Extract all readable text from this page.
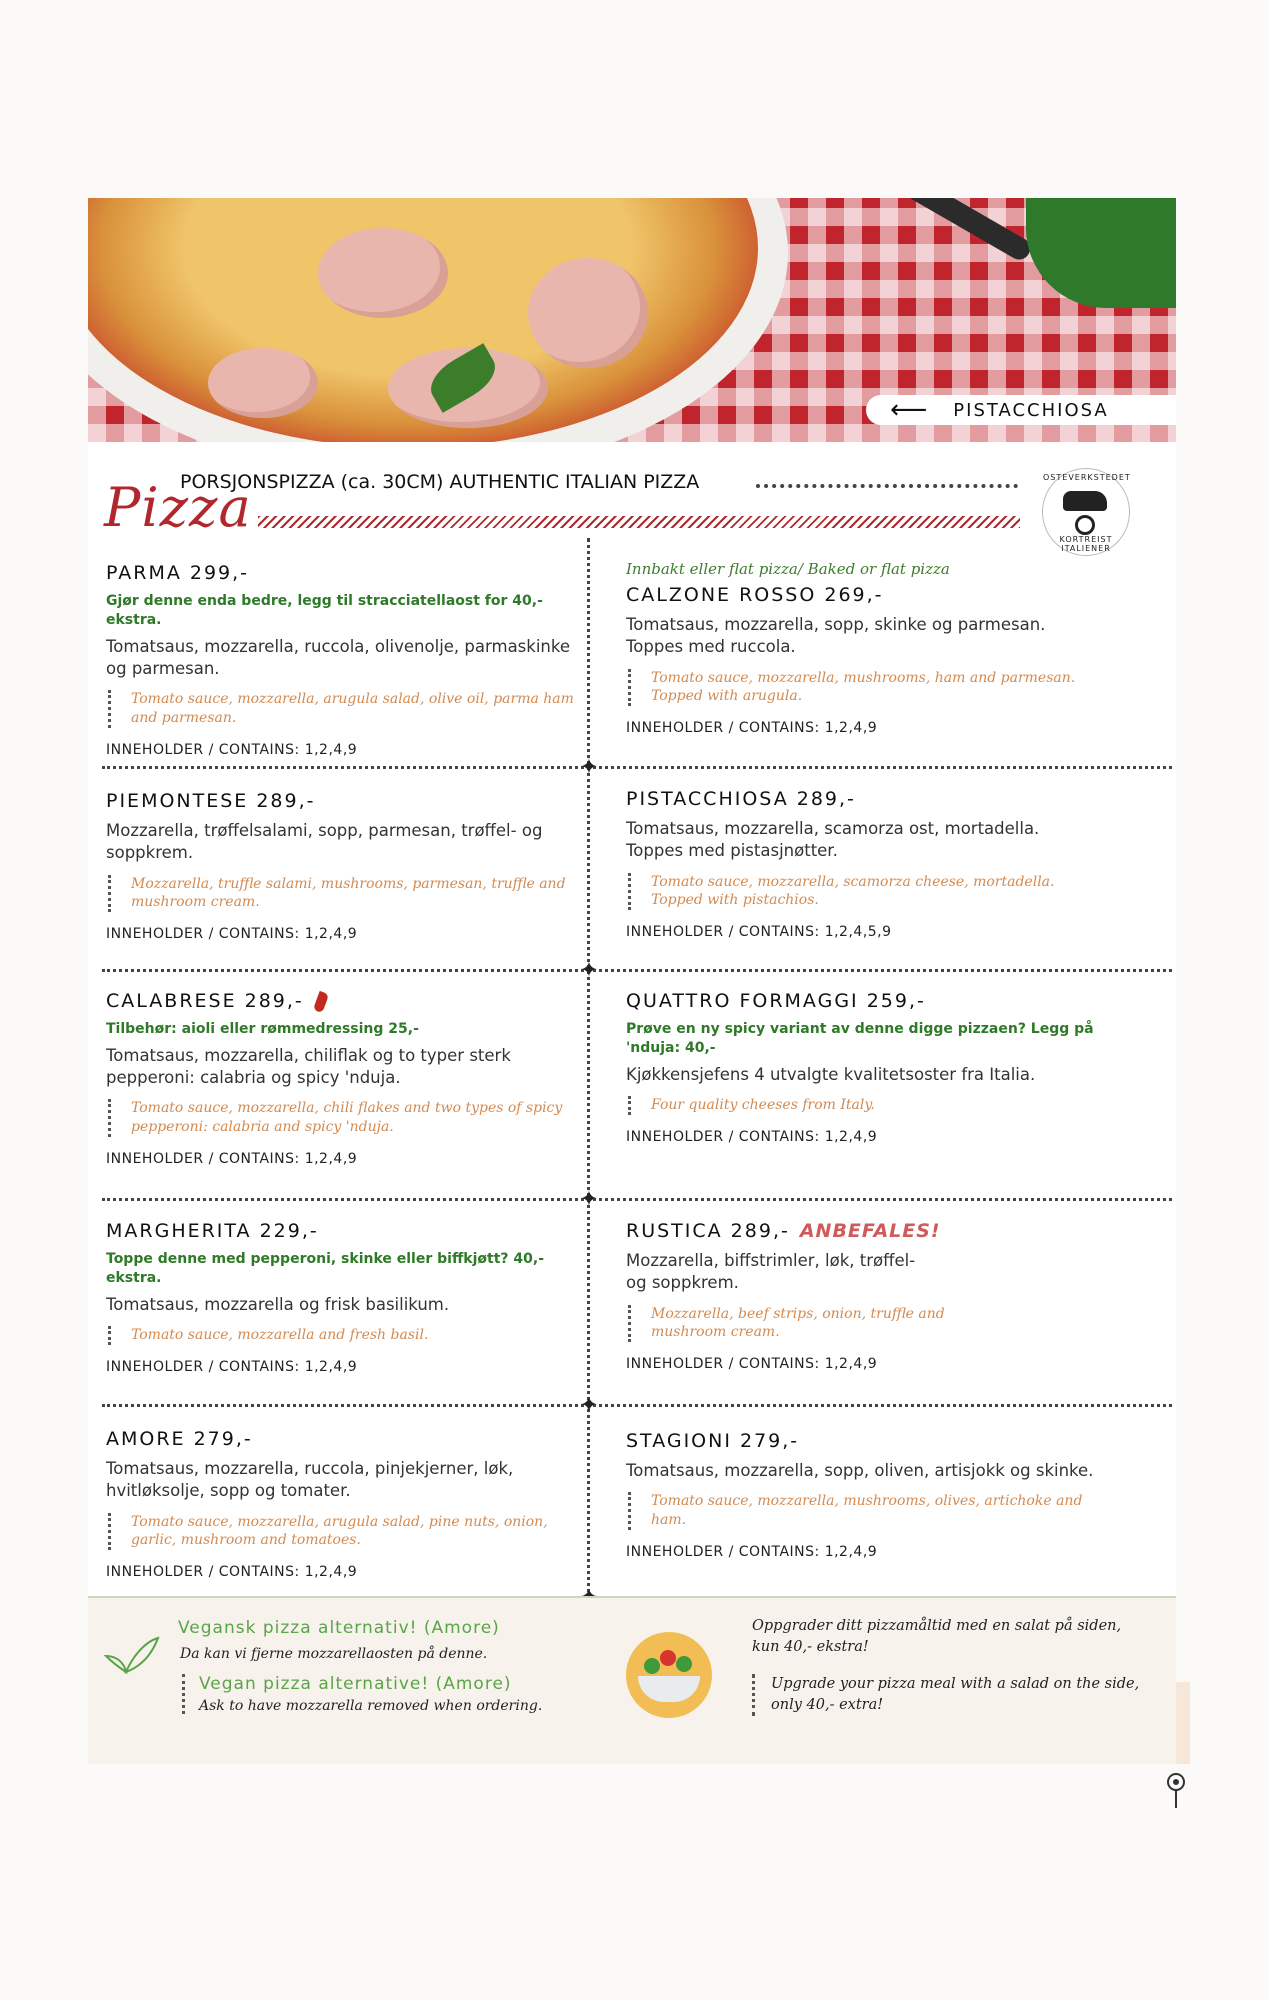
⟵ PISTACCHIOSA
Pizza
PORSJONSPIZZA (ca. 30CM) AUTHENTIC ITALIAN PIZZA	OSTEVERKSTEDET
KORTREIST ITALIENER
✦
✦
✦
✦
PARMA 299,-
Gjør denne enda bedre, legg til stracciatellaost for 40,- ekstra.
Tomatsaus, mozzarella, ruccola, olivenolje, parmaskinke og parmesan.
Tomato sauce, mozzarella, arugula salad, olive oil, parma ham and parmesan.
INNEHOLDER / CONTAINS: 1,2,4,9
PIEMONTESE 289,-
Mozzarella, trøffelsalami, sopp, parmesan, trøffel- og soppkrem.
Mozzarella, truffle salami, mushrooms, parmesan, truffle and mushroom cream.
INNEHOLDER / CONTAINS: 1,2,4,9
CALABRESE 289,-
Tilbehør: aioli eller rømmedressing 25,-
Tomatsaus, mozzarella, chiliflak og to typer sterk pepperoni: calabria og spicy 'nduja.
Tomato sauce, mozzarella, chili flakes and two types of spicy pepperoni: calabria and spicy 'nduja.
INNEHOLDER / CONTAINS: 1,2,4,9
MARGHERITA 229,-
Toppe denne med pepperoni, skinke eller biffkjøtt? 40,- ekstra.
Tomatsaus, mozzarella og frisk basilikum.
Tomato sauce, mozzarella and fresh basil.
INNEHOLDER / CONTAINS: 1,2,4,9
AMORE 279,-
Tomatsaus, mozzarella, ruccola, pinjekjerner, løk, hvitløksolje, sopp og tomater.
Tomato sauce, mozzarella, arugula salad, pine nuts, onion, garlic, mushroom and tomatoes.
INNEHOLDER / CONTAINS: 1,2,4,9
Innbakt eller flat pizza/ Baked or flat pizza
CALZONE ROSSO 269,-
Tomatsaus, mozzarella, sopp, skinke og parmesan. Toppes med ruccola.
Tomato sauce, mozzarella, mushrooms, ham and parmesan. Topped with arugula.
INNEHOLDER / CONTAINS: 1,2,4,9
PISTACCHIOSA 289,-
Tomatsaus, mozzarella, scamorza ost, mortadella. Toppes med pistasjnøtter.
Tomato sauce, mozzarella, scamorza cheese, mortadella. Topped with pistachios.
INNEHOLDER / CONTAINS: 1,2,4,5,9
QUATTRO FORMAGGI 259,-
Prøve en ny spicy variant av denne digge pizzaen? Legg på 'nduja: 40,-
Kjøkkensjefens 4 utvalgte kvalitetsoster fra Italia.
Four quality cheeses from Italy.
INNEHOLDER / CONTAINS: 1,2,4,9
RUSTICA 289,- ANBEFALES!
Mozzarella, biffstrimler, løk, trøffel- og soppkrem.
Mozzarella, beef strips, onion, truffle and mushroom cream.
INNEHOLDER / CONTAINS: 1,2,4,9
STAGIONI 279,-
Tomatsaus, mozzarella, sopp, oliven, artisjokk og skinke.
Tomato sauce, mozzarella, mushrooms, olives, artichoke and ham.
INNEHOLDER / CONTAINS: 1,2,4,9
Vegansk pizza alternativ! (Amore)
Da kan vi fjerne mozzarellaosten på denne.
Vegan pizza alternative! (Amore)
Ask to have mozzarella removed when ordering.
Oppgrader ditt pizzamåltid med en salat på siden, kun 40,- ekstra!
Upgrade your pizza meal with a salad on the side, only 40,- extra!
